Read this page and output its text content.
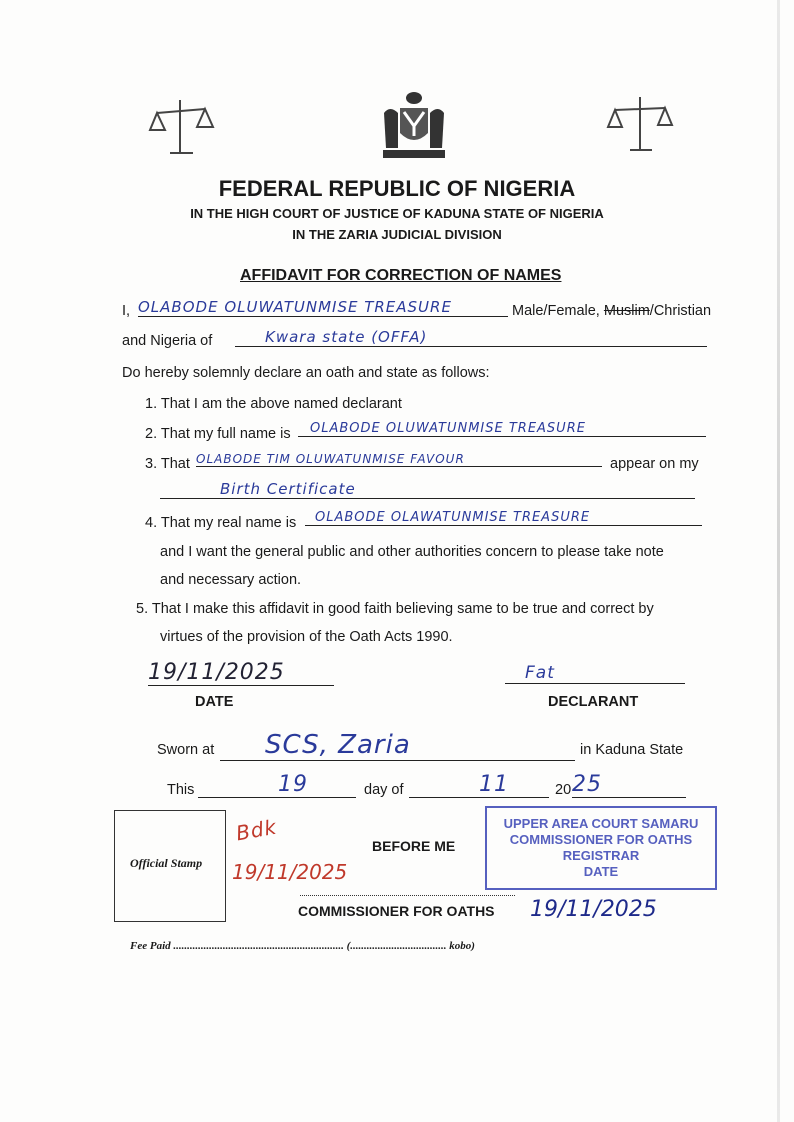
FEDERAL REPUBLIC OF NIGERIA
IN THE HIGH COURT OF JUSTICE OF KADUNA STATE OF NIGERIA
IN THE ZARIA JUDICIAL DIVISION
AFFIDAVIT FOR CORRECTION OF NAMES
I, OLABODE OLUWATUNMISE TREASURE	Male/Female, Muslim/Christian
and Nigeria of	Kwara state (OFFA)
Do hereby solemnly declare an oath and state as follows:
1. That I am the above named declarant
2. That my full name is	OLABODE OLUWATUNMISE TREASURE
3. That OLABODE TIM OLUWATUNMISE FAVOUR	appear on my
Birth Certificate
4. That my real name is	OLABODE OLAWATUNMISE TREASURE
and I want the general public and other authorities concern to please take note
and necessary action.
5. That I make this affidavit in good faith believing same to be true and correct by
virtues of the provision of the Oath Acts 1990.
19/11/2025
DATE
Fat
DECLARANT
Sworn at	SCS, Zaria	in Kaduna State
This	19	day of	11	20 25
Official Stamp
Bdk
19/11/2025
BEFORE ME
UPPER AREA COURT SAMARU
COMMISSIONER FOR OATHS
REGISTRAR
DATE
COMMISSIONER FOR OATHS 19/11/2025
Fee Paid .............................................................. (................................... kobo)
